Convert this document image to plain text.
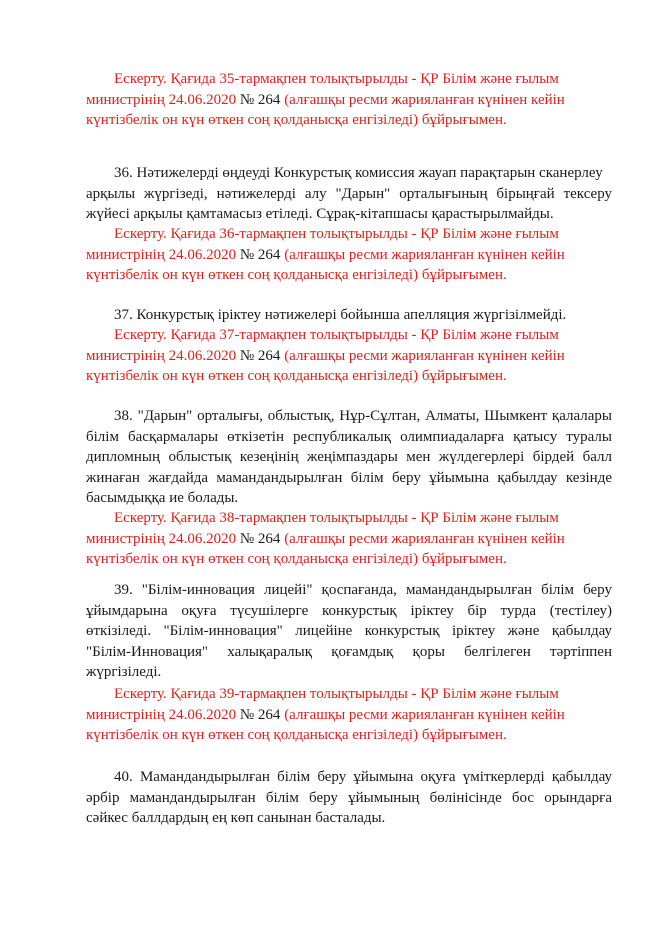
Ескерту. Қағида 35-тармақпен толықтырылды - ҚР Білім және ғылым
министрінің 24.06.2020 № 264 (алғашқы ресми жарияланған күнінен кейін
күнтізбелік он күн өткен соң қолданысқа енгізіледі) бұйрығымен.
36. Нәтижелерді өңдеуді Конкурстық комиссия жауап парақтарын сканерлеу
арқылы жүргізеді, нәтижелерді алу "Дарын" орталығының бірыңғай тексеру
жүйесі арқылы қамтамасыз етіледі. Сұрақ-кітапшасы қарастырылмайды.
Ескерту. Қағида 36-тармақпен толықтырылды - ҚР Білім және ғылым
министрінің 24.06.2020 № 264 (алғашқы ресми жарияланған күнінен кейін
күнтізбелік он күн өткен соң қолданысқа енгізіледі) бұйрығымен.
37. Конкурстық іріктеу нәтижелері бойынша апелляция жүргізілмейді.
Ескерту. Қағида 37-тармақпен толықтырылды - ҚР Білім және ғылым
министрінің 24.06.2020 № 264 (алғашқы ресми жарияланған күнінен кейін
күнтізбелік он күн өткен соң қолданысқа енгізіледі) бұйрығымен.
38. "Дарын" орталығы, облыстық, Нұр-Сұлтан, Алматы, Шымкент қалалары
білім басқармалары өткізетін республикалық олимпиадаларға қатысу туралы
дипломның облыстық кезеңінің жеңімпаздары мен жүлдегерлері бірдей балл
жинаған жағдайда мамандандырылған білім беру ұйымына қабылдау кезінде
басымдыққа ие болады.
Ескерту. Қағида 38-тармақпен толықтырылды - ҚР Білім және ғылым
министрінің 24.06.2020 № 264 (алғашқы ресми жарияланған күнінен кейін
күнтізбелік он күн өткен соң қолданысқа енгізіледі) бұйрығымен.
39. "Білім-инновация лицейі" қоспағанда, мамандандырылған білім беру
ұйымдарына оқуға түсушілерге конкурстық іріктеу бір турда (тестілеу)
өткізіледі. "Білім-инновация" лицейіне конкурстық іріктеу және қабылдау
"Білім-Инновация" халықаралық қоғамдық қоры белгілеген тәртіппен
жүргізіледі.
Ескерту. Қағида 39-тармақпен толықтырылды - ҚР Білім және ғылым
министрінің 24.06.2020 № 264 (алғашқы ресми жарияланған күнінен кейін
күнтізбелік он күн өткен соң қолданысқа енгізіледі) бұйрығымен.
40. Мамандандырылған білім беру ұйымына оқуға үміткерлерді қабылдау
әрбір мамандандырылған білім беру ұйымының бөлінісінде бос орындарға
сәйкес баллдардың ең көп санынан басталады.
